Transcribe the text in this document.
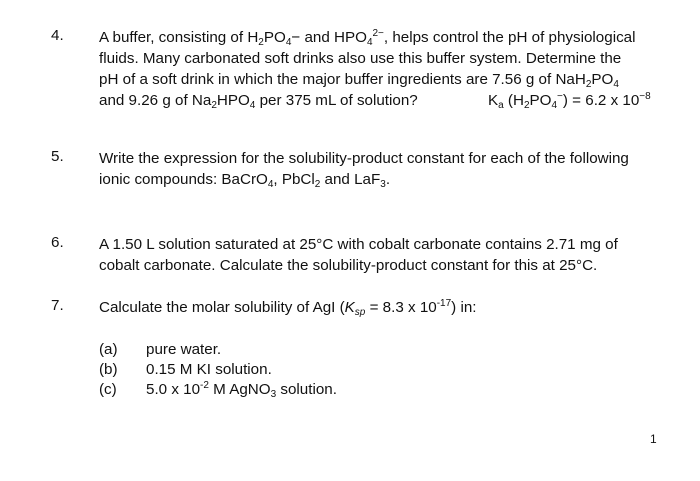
4. A buffer, consisting of $H_2PO_4-$ and $HPO_4^{2-}$, helps control the pH of physiological
fluids. Many carbonated soft drinks also use this buffer system. Determine the
pH of a soft drink in which the major buffer ingredients are 7.56 g of $NaH_2PO_4$
and 9.26 g of $Na_2HPO_4$ per 375 mL of solution?	$K_a$ $(H_2PO_4^-) = 6.2$ x $10^{-8}$
5. Write the expression for the solubility-product constant for each of the following
ionic compounds: BaCrO$_4$, PbCl$_2$ and LaF$_3$.
6. A 1.50 L solution saturated at 25°C with cobalt carbonate contains 2.71 mg of
cobalt carbonate. Calculate the solubility-product constant for this at 25°C.
7. Calculate the molar solubility of AgI ($K_{sp} = 8.3$ x $10^{-17}$) in:
(a) pure water.
(b) 0.15 M KI solution.
(c) 5.0 x $10^{-2}$ M AgNO$_3$ solution.
1
